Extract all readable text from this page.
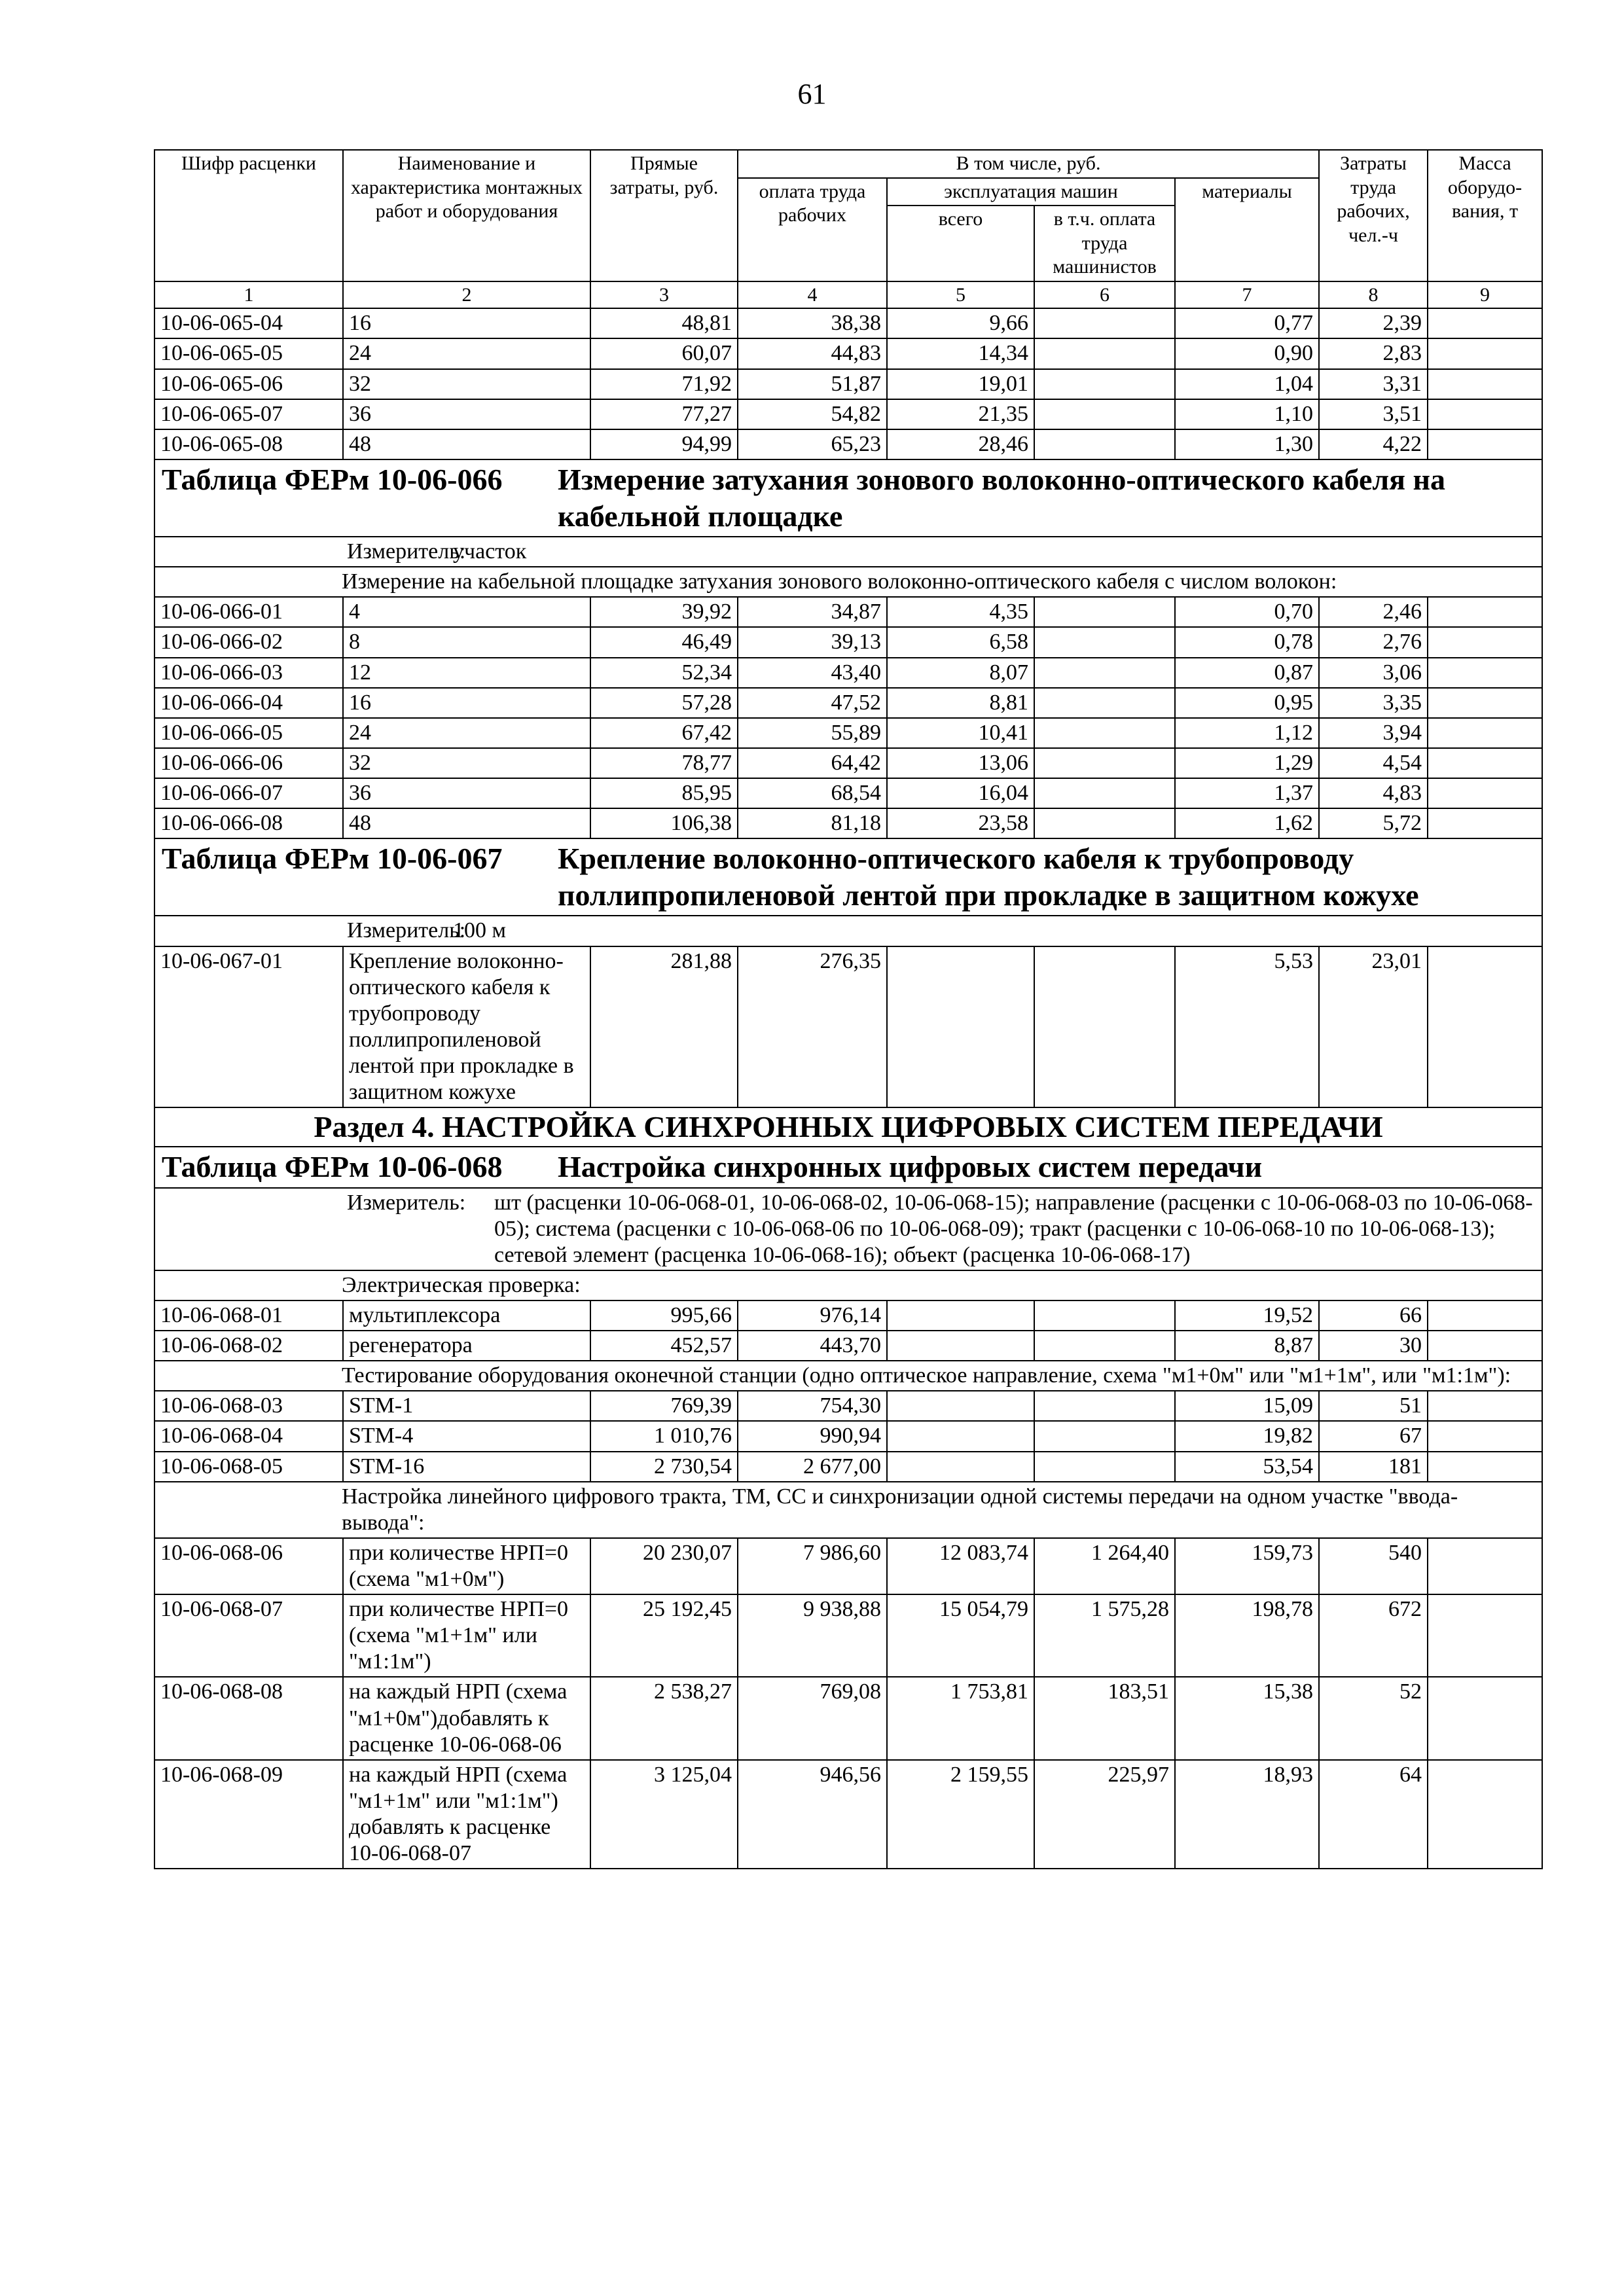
61
Шифр расценки	Наименование и характеристика монтажных работ и оборудования	Прямые затраты, руб.	В том числе, руб.				Затраты труда рабочих, чел.-ч	Масса оборудо-вания, т
			оплата труда рабочих	эксплуатация машин		материалы		
				всего	в т.ч. оплата труда машинистов			
1	2	3	4	5	6	7	8	9
10-06-065-04	16	48,81	38,38	9,66		0,77	2,39	
10-06-065-05	24	60,07	44,83	14,34		0,90	2,83	
10-06-065-06	32	71,92	51,87	19,01		1,04	3,31	
10-06-065-07	36	77,27	54,82	21,35		1,10	3,51	
10-06-065-08	48	94,99	65,23	28,46		1,30	4,22	

Таблица ФЕРм 10-06-066 Измерение затухания зонового волоконно-оптического кабеля на кабельной площадке								

Измеритель:
участок								

Измерение на кабельной площадке затухания зонового волоконно-оптического кабеля с числом волокон:								
10-06-066-01	4	39,92	34,87	4,35		0,70	2,46	
10-06-066-02	8	46,49	39,13	6,58		0,78	2,76	
10-06-066-03	12	52,34	43,40	8,07		0,87	3,06	
10-06-066-04	16	57,28	47,52	8,81		0,95	3,35	
10-06-066-05	24	67,42	55,89	10,41		1,12	3,94	
10-06-066-06	32	78,77	64,42	13,06		1,29	4,54	
10-06-066-07	36	85,95	68,54	16,04		1,37	4,83	
10-06-066-08	48	106,38	81,18	23,58		1,62	5,72	

Таблица ФЕРм 10-06-067 Крепление волоконно-оптического кабеля к трубопроводу поллипропиленовой лентой при прокладке в защитном кожухе								

Измеритель:
100 м								

10-06-067-01	Крепление волоконно-оптического кабеля к трубопроводу поллипропиленовой лентой при прокладке в защитном кожухе	281,88	276,35			5,53	23,01	
Раздел 4. НАСТРОЙКА СИНХРОННЫХ ЦИФРОВЫХ СИСТЕМ ПЕРЕДАЧИ								

Таблица ФЕРм 10-06-068 Настройка синхронных цифровых систем передачи								

Измеритель: шт (расценки 10-06-068-01, 10-06-068-02, 10-06-068-15); направление (расценки с 10-06-068-03 по 10-06-068-05); система (расценки с 10-06-068-06 по 10-06-068-09); тракт (расценки с 10-06-068-10 по 10-06-068-13); сетевой элемент (расценка 10-06-068-16); объект (расценка 10-06-068-17)								

Электрическая проверка:								
10-06-068-01	мультиплексора	995,66	976,14			19,52	66	
10-06-068-02	регенератора	452,57	443,70			8,87	30	
Тестирование оборудования оконечной станции (одно оптическое направление, схема "м1+0м" или "м1+1м", или "м1:1м"):								
10-06-068-03	STM-1	769,39	754,30			15,09	51	
10-06-068-04	STM-4	1 010,76	990,94			19,82	67	
10-06-068-05	STM-16	2 730,54	2 677,00			53,54	181	
Настройка линейного цифрового тракта, ТМ, СС и синхронизации одной системы передачи на одном участке "ввода-вывода":								
10-06-068-06	при количестве НРП=0 (схема "м1+0м")	20 230,07	7 986,60	12 083,74	1 264,40	159,73	540	
10-06-068-07	при количестве НРП=0 (схема "м1+1м" или "м1:1м")	25 192,45	9 938,88	15 054,79	1 575,28	198,78	672	
10-06-068-08	на каждый НРП (схема "м1+0м")добавлять к расценке 10-06-068-06	2 538,27	769,08	1 753,81	183,51	15,38	52	
10-06-068-09	на каждый НРП (схема "м1+1м" или "м1:1м") добавлять к расценке 10-06-068-07	3 125,04	946,56	2 159,55	225,97	18,93	64	
